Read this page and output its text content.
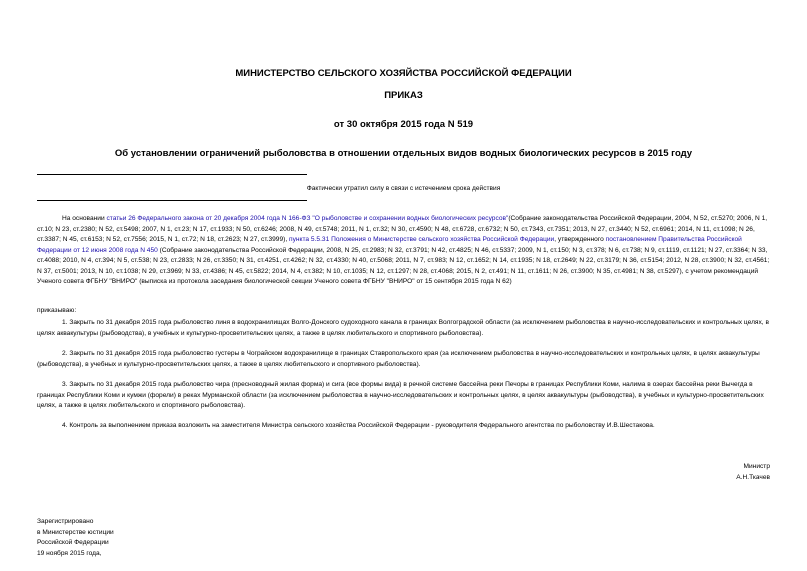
МИНИСТЕРСТВО СЕЛЬСКОГО ХОЗЯЙСТВА РОССИЙСКОЙ ФЕДЕРАЦИИ
ПРИКАЗ
от 30 октября 2015 года N 519
Об установлении ограничений рыболовства в отношении отдельных видов водных биологических ресурсов в 2015 году
Фактически утратил силу в связи с истечением срока действия
На основании статьи 26 Федерального закона от 20 декабря 2004 года N 166-ФЗ "О рыболовстве и сохранении водных биологических ресурсов"(Собрание законодательства Российской Федерации, 2004, N 52, ст.5270; 2006, N 1, ст.10; N 23, ст.2380; N 52, ст.5498; 2007, N 1, ст.23; N 17, ст.1933; N 50, ст.6246; 2008, N 49, ст.5748; 2011, N 1, ст.32; N 30, ст.4590; N 48, ст.6728, ст.6732; N 50, ст.7343, ст.7351; 2013, N 27, ст.3440; N 52, ст.6961; 2014, N 11, ст.1098; N 26, ст.3387; N 45, ст.6153; N 52, ст.7556; 2015, N 1, ст.72; N 18, ст.2623; N 27, ст.3999), пункта 5.5.31 Положения о Министерстве сельского хозяйства Российской Федерации, утвержденного постановлением Правительства Российской Федерации от 12 июня 2008 года N 450 (Собрание законодательства Российской Федерации, 2008, N 25, ст.2983; N 32, ст.3791; N 42, ст.4825; N 46, ст.5337; 2009, N 1, ст.150; N 3, ст.378; N 6, ст.738; N 9, ст.1119, ст.1121; N 27, ст.3364; N 33, ст.4088; 2010, N 4, ст.394; N 5, ст.538; N 23, ст.2833; N 26, ст.3350; N 31, ст.4251, ст.4262; N 32, ст.4330; N 40, ст.5068; 2011, N 7, ст.983; N 12, ст.1652; N 14, ст.1935; N 18, ст.2649; N 22, ст.3179; N 36, ст.5154; 2012, N 28, ст.3900; N 32, ст.4561; N 37, ст.5001; 2013, N 10, ст.1038; N 29, ст.3969; N 33, ст.4386; N 45, ст.5822; 2014, N 4, ст.382; N 10, ст.1035; N 12, ст.1297; N 28, ст.4068; 2015, N 2, ст.491; N 11, ст.1611; N 26, ст.3900; N 35, ст.4981; N 38, ст.5297), с учетом рекомендаций Ученого совета ФГБНУ "ВНИРО" (выписка из протокола заседания биологической секции Ученого совета ФГБНУ "ВНИРО" от 15 сентября 2015 года N 62)
приказываю:
1. Закрыть по 31 декабря 2015 года рыболовство линя в водохранилищах Волго-Донского судоходного канала в границах Волгоградской области (за исключением рыболовства в научно-исследовательских и контрольных целях, в целях аквакультуры (рыбоводства), в учебных и культурно-просветительских целях, а также в целях любительского и спортивного рыболовства).
2. Закрыть по 31 декабря 2015 года рыболовство густеры в Чограйском водохранилище в границах Ставропольского края (за исключением рыболовства в научно-исследовательских и контрольных целях, в целях аквакультуры (рыбоводства), в учебных и культурно-просветительских целях, а также в целях любительского и спортивного рыболовства).
3. Закрыть по 31 декабря 2015 года рыболовство чира (пресноводный жилая форма) и сига (все формы вида) в речной системе бассейна реки Печоры в границах Республики Коми, налима в озерах бассейна реки Вычегда в границах Республики Коми и кумжи (форели) в реках Мурманской области (за исключением рыболовства в научно-исследовательских и контрольных целях, в целях аквакультуры (рыбоводства), в учебных и культурно-просветительских целях, а также в целях любительского и спортивного рыболовства).
4. Контроль за выполнением приказа возложить на заместителя Министра сельского хозяйства Российской Федерации - руководителя Федерального агентства по рыболовству И.В.Шестакова.
Министр
А.Н.Ткачев
Зарегистрировано
в Министерстве юстиции
Российской Федерации
19 ноября 2015 года,
